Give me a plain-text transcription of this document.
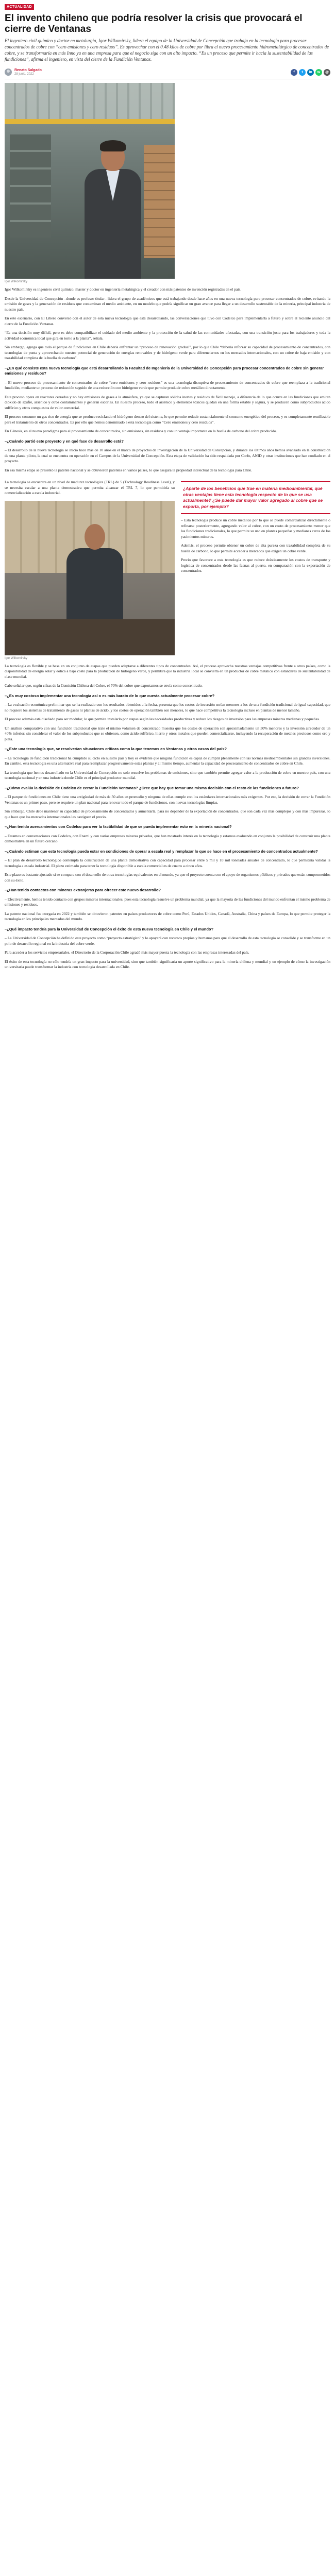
ACTUALIDAD
El invento chileno que podría resolver la crisis que provocará el cierre de Ventanas

El ingeniero civil químico y doctor en metalurgia, Igor Wilkomirsky, lidera el equipo de la Universidad de Concepción que trabaja en la tecnología para procesar concentrados de cobre con “cero emisiones y cero residuos”. Es aprovechar con el 0.48 kilos de cobre por libra el nuevo procesamiento hidrometalúrgico de concentrados de cobre, y se transformaría en más Inno ya en una empresa para que el negocio siga con un alto impacto. “Es un proceso que permite ir hacia la sustentabilidad de las fundiciones”, afirma el ingeniero, en vista del cierre de la Fundición Ventanas.

Renato Salgado
28 junio, 2022
f	t	in	w	@
Igor Wilkomirsky

Igor Wilkomirsky es ingeniero civil químico, master y doctor en ingeniería metalúrgica y el creador con más patentes de invención registradas en el país.

Desde la Universidad de Concepción –donde es profesor titular– lidera el grupo de académicos que está trabajando desde hace años en una nueva tecnología para procesar concentrados de cobre, evitando la emisión de gases y la generación de residuos que contaminan el medio ambiente, en un modelo que podría significar un gran avance para llegar a un desarrollo sustentable de la minería, principal industria de nuestro país.

En este escenario, con El Libero conversó con el autor de esta nueva tecnología que está desarrollando, las conversaciones que tuvo con Codelco para implementarla a futuro y sobre el reciente anuncio del cierre de la Fundición Ventanas.

“Es una decisión muy difícil, pero es debe compatibilizar el cuidado del medio ambiente y la protección de la salud de las comunidades afectadas, con una transición justa para los trabajadores y toda la actividad económica local que gira en torno a la planta”, señala.

Sin embargo, agrega que todo el parque de fundiciones en Chile debería enfrentar un “proceso de renovación gradual”, por lo que Chile “debería reforzar su capacidad de procesamiento de concentrados, con tecnologías de punta y aprovechando nuestro potencial de generación de energías renovables y de hidrógeno verde para diferenciarnos en los mercados internacionales, con un cobre de baja emisión y con trazabilidad completa de la huella de carbono”.

–¿En qué consiste esta nueva tecnología que está desarrollando la Facultad de Ingeniería de la Universidad de Concepción para procesar concentrados de cobre sin generar emisiones y residuos?

– El nuevo proceso de procesamiento de concentrados de cobre “cero emisiones y cero residuos” es una tecnología disruptiva de procesamiento de concentrados de cobre que reemplaza a la tradicional fundición, mediante un proceso de reducción seguido de una reducción con hidrógeno verde que permite producir cobre metálico directamente.

Este proceso opera en reactores cerrados y no hay emisiones de gases a la atmósfera, ya que se capturan sólidos inertes y residuos de fácil manejo, a diferencia de lo que ocurre en las fundiciones que emiten dióxido de azufre, arsénico y otros contaminantes y generan escorias. En nuestro proceso, todo el arsénico y elementos tóxicos quedan en una forma estable y segura, y se producen como subproductos ácido sulfúrico y otros compuestos de valor comercial.

El proceso consume un gas rico de energía que se produce reciclando el hidrógeno dentro del sistema, lo que permite reducir sustancialmente el consumo energético del proceso, y es completamente reutilizable para el tratamiento de otros concentrados. Es por ello que hemos denominado a esta tecnología como “Cero emisiones y cero residuos”.

En Génesis, en el nuevo paradigma para el procesamiento de concentrados, sin emisiones, sin residuos y con un ventaja importante en la huella de carbono del cobre producido.

–¿Cuándo partió este proyecto y en qué fase de desarrollo está?

– El desarrollo de la nueva tecnología se inició hace más de 10 años en el marco de proyectos de investigación de la Universidad de Concepción, y durante los últimos años hemos avanzado en la construcción de una planta piloto, la cual se encuentra en operación en el Campus de la Universidad de Concepción. Esta etapa de validación ha sido respaldada por Corfo, ANID y otras instituciones que han confiado en el proyecto.

En esa misma etapa se presentó la patente nacional y se obtuvieron patentes en varios países, lo que asegura la propiedad intelectual de la tecnología para Chile.

La tecnología se encuentra en un nivel de madurez tecnológica (TRL) de 5 (Technology Readiness Level), y se necesita escalar a una planta demostrativa que permita alcanzar el TRL 7, lo que permitiría su comercialización a escala industrial.

Igor Wilkomirsky
¿Aparte de los beneficios que trae en materia medioambiental, qué otras ventajas tiene esta tecnología respecto de lo que se usa actualmente? ¿Se puede dar mayor valor agregado al cobre que se exporta, por ejemplo?

– Esta tecnología produce un cobre metálico por lo que se puede comercializar directamente o refinarse posteriormente, agregando valor al cobre, con un costo de procesamiento menor que las fundiciones tradicionales, lo que permite su uso en plantas pequeñas y medianas cerca de los yacimientos mineros.

Además, el proceso permite obtener un cobre de alta pureza con trazabilidad completa de su huella de carbono, lo que permite acceder a mercados que exigen un cobre verde.

Precio que favorece a esta tecnología es que reduce drásticamente los costos de transporte y logística de concentrados desde las faenas al puerto, en comparación con la exportación de concentrados.

La tecnología es flexible y se basa en un conjunto de etapas que pueden adaptarse a diferentes tipos de concentrados. Así, el proceso aprovecha nuestras ventajas competitivas frente a otros países, como la disponibilidad de energía solar y eólica a bajo costo para la producción de hidrógeno verde, y permitirá que la industria local se convierta en un productor de cobre metálico con estándares de sustentabilidad de clase mundial.

Cabe señalar que, según cifras de la Comisión Chilena del Cobre, el 70% del cobre que exportamos se envía como concentrado.

–¿Es muy costoso implementar una tecnología así o es más barato de lo que cuesta actualmente procesar cobre?

– La evaluación económica preliminar que se ha realizado con los resultados obtenidos a la fecha, presenta que los costos de inversión serían menores a los de una fundición tradicional de igual capacidad, que no requiere los sistemas de tratamiento de gases ni plantas de ácido, y los costos de operación también son menores, lo que hace competitiva la tecnología incluso en plantas de menor tamaño.

El proceso además está diseñado para ser modular, lo que permite instalarlo por etapas según las necesidades productivas y reduce los riesgos de inversión para las empresas mineras medianas y pequeñas.

Un análisis comparativo con una fundición tradicional que trate el mismo volumen de concentrado muestra que los costos de operación son aproximadamente un 30% menores y la inversión alrededor de un 40% inferior, sin considerar el valor de los subproductos que se obtienen, como ácido sulfúrico, hierro y otros metales que pueden comercializarse, incluyendo la recuperación de metales preciosos como oro y plata.

–¿Este una tecnología que, se resolverían situaciones críticas como la que tenemos en Ventanas y otros casos del país?

– La tecnología de fundición tradicional ha cumplido su ciclo en nuestro país y hoy es evidente que ninguna fundición es capaz de cumplir plenamente con las normas medioambientales sin grandes inversiones. En cambio, esta tecnología es una alternativa real para reemplazar progresivamente estas plantas y al mismo tiempo, aumentar la capacidad de procesamiento de concentrados de cobre en Chile.

La tecnología que hemos desarrollado en la Universidad de Concepción no solo resuelve los problemas de emisiones, sino que también permite agregar valor a la producción de cobre en nuestro país, con una tecnología nacional y en una industria donde Chile es el principal productor mundial.

–¿Cómo evalúa la decisión de Codelco de cerrar la Fundición Ventanas? ¿Cree que hay que tomar una misma decisión con el resto de las fundiciones a futuro?

– El parque de fundiciones en Chile tiene una antigüedad de más de 50 años en promedio y ninguna de ellas cumple con los estándares internacionales más exigentes. Por eso, la decisión de cerrar la Fundición Ventanas es un primer paso, pero se requiere un plan nacional para renovar todo el parque de fundiciones, con nuevas tecnologías limpias.

Sin embargo, Chile debe mantener su capacidad de procesamiento de concentrados y aumentarla, para no depender de la exportación de concentrados, que son cada vez más complejos y con más impurezas, lo que hace que los mercados internacionales les castiguen el precio.

–¿Han tenido acercamientos con Codelco para ver la factibilidad de que se pueda implementar esto en la minería nacional?

– Estamos en conversaciones con Codelco, con Enami y con varias empresas mineras privadas, que han mostrado interés en la tecnología y estamos evaluando en conjunto la posibilidad de construir una planta demostrativa en un futuro cercano.

–¿Cuándo estiman que esta tecnología pueda estar en condiciones de operar a escala real y remplazar lo que se hace en el procesamiento de concentrados actualmente?

– El plan de desarrollo tecnológico contempla la construcción de una planta demostrativa con capacidad para procesar entre 5 mil y 10 mil toneladas anuales de concentrado, lo que permitiría validar la tecnología a escala industrial. El plazo estimado para tener la tecnología disponible a escala comercial es de cuatro a cinco años.

Este plazo es bastante ajustado si se compara con el desarrollo de otras tecnologías equivalentes en el mundo, ya que el proyecto cuenta con el apoyo de organismos públicos y privados que están comprometidos con su éxito.

–¿Han tenido contactos con mineras extranjeras para ofrecer este nuevo desarrollo?

– Efectivamente, hemos tenido contacto con grupos mineros internacionales, pues esta tecnología resuelve un problema mundial, ya que la mayoría de las fundiciones del mundo enfrentan el mismo problema de emisiones y residuos.

La patente nacional fue otorgada en 2022 y también se obtuvieron patentes en países productores de cobre como Perú, Estados Unidos, Canadá, Australia, China y países de Europa, lo que permite proteger la tecnología en los principales mercados del mundo.

–¿Qué impacto tendría para la Universidad de Concepción el éxito de esta nueva tecnología en Chile y el mundo?

– La Universidad de Concepción ha definido este proyecto como “proyecto estratégico” y lo apoyará con recursos propios y humanos para que el desarrollo de esta tecnología se consolide y se transforme en un polo de desarrollo regional en la industria del cobre verde.

Para acceder a los servicios empresariales, el Directorio de la Corporación Chile agradó más mayor puesta la tecnología con las empresas interesadas del país.

El éxito de esta tecnología no sólo tendría un gran impacto para la universidad, sino que también significaría un aporte significativo para la minería chilena y mundial y un ejemplo de cómo la investigación universitaria puede transformar la industria con tecnología desarrollada en Chile.
